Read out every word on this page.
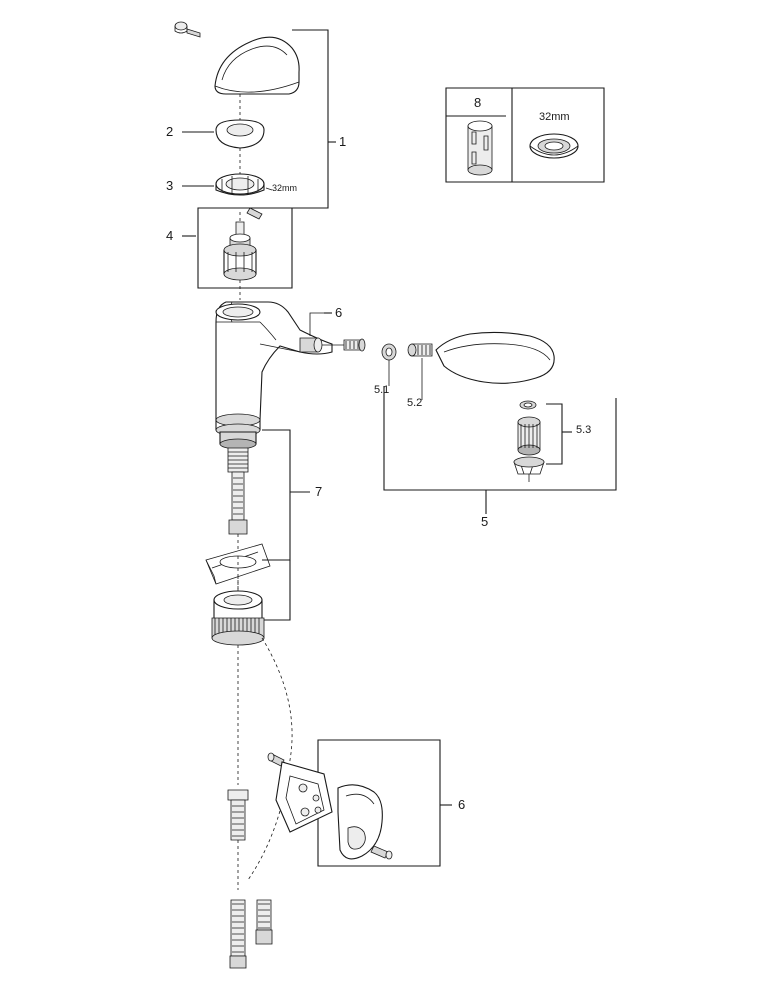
1
2
3
4
5
5.1
5.2
5.3
6
6
7
8
32mm
32mm
